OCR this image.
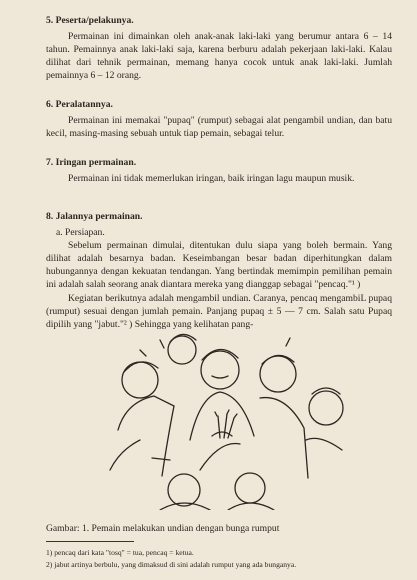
5. Peserta/pelakunya.

Permainan ini dimainkan oleh anak-anak laki-laki yang berumur antara 6 – 14 tahun. Pemainnya anak laki-laki saja, karena berburu adalah pekerjaan laki-laki. Kalau dilihat dari tehnik permainan, memang hanya cocok untuk anak laki-laki. Jumlah pemainnya 6 – 12 orang.

6. Peralatannya.

Permainan ini memakai "pupaq" (rumput) sebagai alat pengambil undian, dan batu kecil, masing-masing sebuah untuk tiap pemain, sebagai telur.

7. Iringan permainan.

Permainan ini tidak memerlukan iringan, baik iringan lagu maupun musik.

8. Jalannya permainan.
a. Persiapan.

Sebelum permainan dimulai, ditentukan dulu siapa yang boleh bermain. Yang dilihat adalah besarnya badan. Keseimbangan besar badan diperhitungkan dalam hubungannya dengan kekuatan tendangan. Yang bertindak memimpin pemilihan pemain ini adalah salah seorang anak diantara mereka yang dianggap sebagai "pencaq."¹ )

Kegiatan berikutnya adalah mengambil undian. Caranya, pencaq mengambiL pupaq (rumput) sesuai dengan jumlah pemain. Panjang pupaq ± 5 — 7 cm. Salah satu Pupaq dipilih yang "jabut."² ) Sehingga yang kelihatan pang-

Gambar: 1. Pemain melakukan undian dengan bunga rumput
1) pencaq dari kata "tosq" = tua, pencaq = ketua.
2) jabut artinya berbulu, yang dimaksud di sini adalah rumput yang ada bunganya.
